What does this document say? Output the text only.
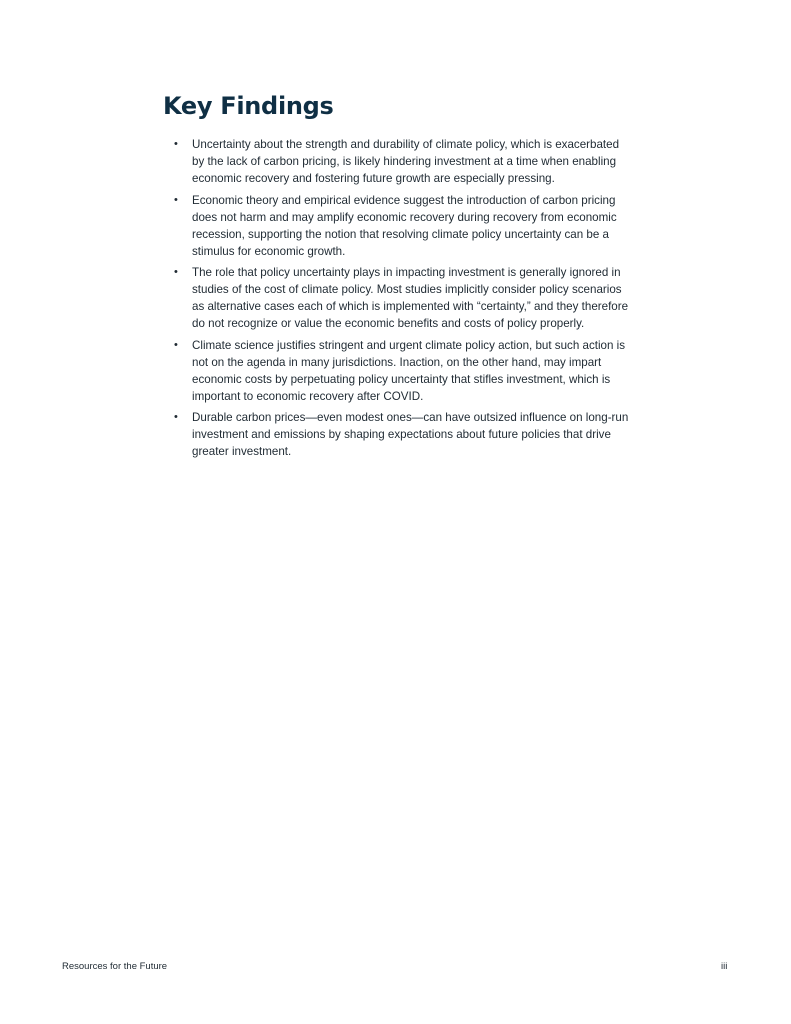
Key Findings
• Uncertainty about the strength and durability of climate policy, which is exacerbated by the lack of carbon pricing, is likely hindering investment at a time when enabling economic recovery and fostering future growth are especially pressing.
• Economic theory and empirical evidence suggest the introduction of carbon pricing does not harm and may amplify economic recovery during recovery from economic recession, supporting the notion that resolving climate policy uncertainty can be a stimulus for economic growth.
• The role that policy uncertainty plays in impacting investment is generally ignored in studies of the cost of climate policy. Most studies implicitly consider policy scenarios as alternative cases each of which is implemented with “certainty,” and they therefore do not recognize or value the economic benefits and costs of policy properly.
• Climate science justifies stringent and urgent climate policy action, but such action is not on the agenda in many jurisdictions. Inaction, on the other hand, may impart economic costs by perpetuating policy uncertainty that stifles investment, which is important to economic recovery after COVID.
• Durable carbon prices—even modest ones—can have outsized influence on long-run investment and emissions by shaping expectations about future policies that drive greater investment.
Resources for the Future	iii
